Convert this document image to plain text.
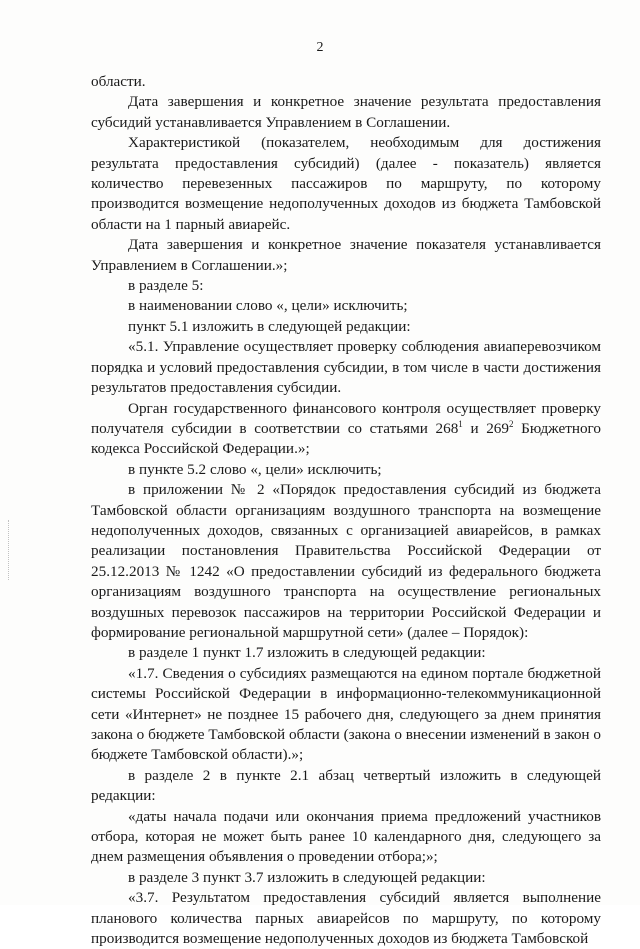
2

области.

Дата завершения и конкретное значение результата предоставления субсидий устанавливается Управлением в Соглашении.

Характеристикой (показателем, необходимым для достижения результата предоставления субсидий) (далее - показатель) является количество перевезенных пассажиров по маршруту, по которому производится возмещение недополученных доходов из бюджета Тамбовской области на 1 парный авиарейс.

Дата завершения и конкретное значение показателя устанавливается Управлением в Соглашении.»;

в разделе 5:

в наименовании слово «, цели» исключить;

пункт 5.1 изложить в следующей редакции:

«5.1. Управление осуществляет проверку соблюдения авиаперевозчиком порядка и условий предоставления субсидии, в том числе в части достижения результатов предоставления субсидии.

Орган государственного финансового контроля осуществляет проверку получателя субсидии в соответствии со статьями $268^1$ и $269^2$ Бюджетного кодекса Российской Федерации.»;

в пункте 5.2 слово «, цели» исключить;

в приложении № 2 «Порядок предоставления субсидий из бюджета Тамбовской области организациям воздушного транспорта на возмещение недополученных доходов, связанных с организацией авиарейсов, в рамках реализации постановления Правительства Российской Федерации от 25.12.2013 № 1242 «О предоставлении субсидий из федерального бюджета организациям воздушного транспорта на осуществление региональных воздушных перевозок пассажиров на территории Российской Федерации и формирование региональной маршрутной сети» (далее – Порядок):

в разделе 1 пункт 1.7 изложить в следующей редакции:

«1.7. Сведения о субсидиях размещаются на едином портале бюджетной системы Российской Федерации в информационно-телекоммуникационной сети «Интернет» не позднее 15 рабочего дня, следующего за днем принятия закона о бюджете Тамбовской области (закона о внесении изменений в закон о бюджете Тамбовской области).»;

в разделе 2 в пункте 2.1 абзац четвертый изложить в следующей редакции:

«даты начала подачи или окончания приема предложений участников отбора, которая не может быть ранее 10 календарного дня, следующего за днем размещения объявления о проведении отбора;»;

в разделе 3 пункт 3.7 изложить в следующей редакции:

«3.7. Результатом предоставления субсидий является выполнение планового количества парных авиарейсов по маршруту, по которому производится возмещение недополученных доходов из бюджета Тамбовской
